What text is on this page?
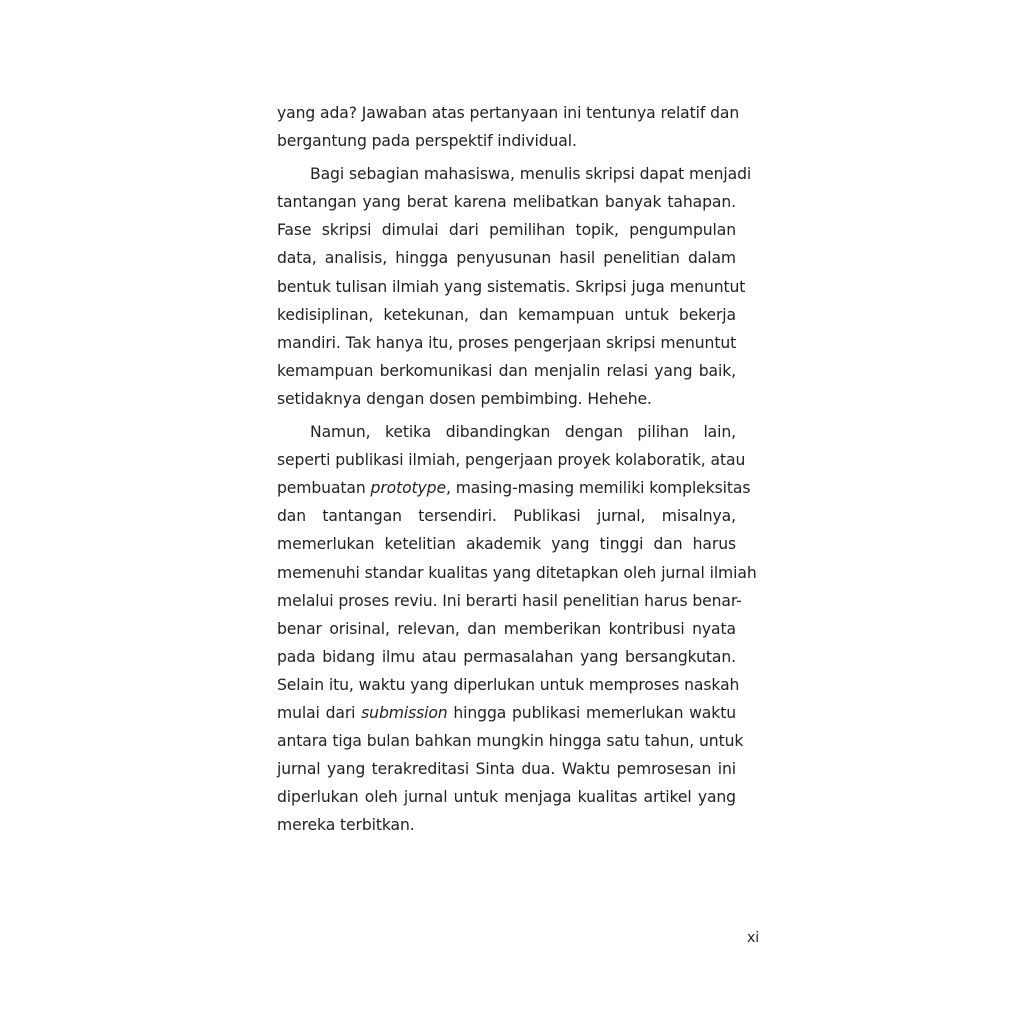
yang ada? Jawaban atas pertanyaan ini tentunya relatif dan
bergantung pada perspektif individual.
Bagi sebagian mahasiswa, menulis skripsi dapat menjadi
tantangan yang berat karena melibatkan banyak tahapan.
Fase skripsi dimulai dari pemilihan topik, pengumpulan
data, analisis, hingga penyusunan hasil penelitian dalam
bentuk tulisan ilmiah yang sistematis. Skripsi juga menuntut
kedisiplinan, ketekunan, dan kemampuan untuk bekerja
mandiri. Tak hanya itu, proses pengerjaan skripsi menuntut
kemampuan berkomunikasi dan menjalin relasi yang baik,
setidaknya dengan dosen pembimbing. Hehehe.
Namun, ketika dibandingkan dengan pilihan lain,
seperti publikasi ilmiah, pengerjaan proyek kolaboratik, atau
pembuatan prototype, masing-masing memiliki kompleksitas
dan tantangan tersendiri. Publikasi jurnal, misalnya,
memerlukan ketelitian akademik yang tinggi dan harus
memenuhi standar kualitas yang ditetapkan oleh jurnal ilmiah
melalui proses reviu. Ini berarti hasil penelitian harus benar-
benar orisinal, relevan, dan memberikan kontribusi nyata
pada bidang ilmu atau permasalahan yang bersangkutan.
Selain itu, waktu yang diperlukan untuk memproses naskah
mulai dari submission hingga publikasi memerlukan waktu
antara tiga bulan bahkan mungkin hingga satu tahun, untuk
jurnal yang terakreditasi Sinta dua. Waktu pemrosesan ini
diperlukan oleh jurnal untuk menjaga kualitas artikel yang
mereka terbitkan.
xi
